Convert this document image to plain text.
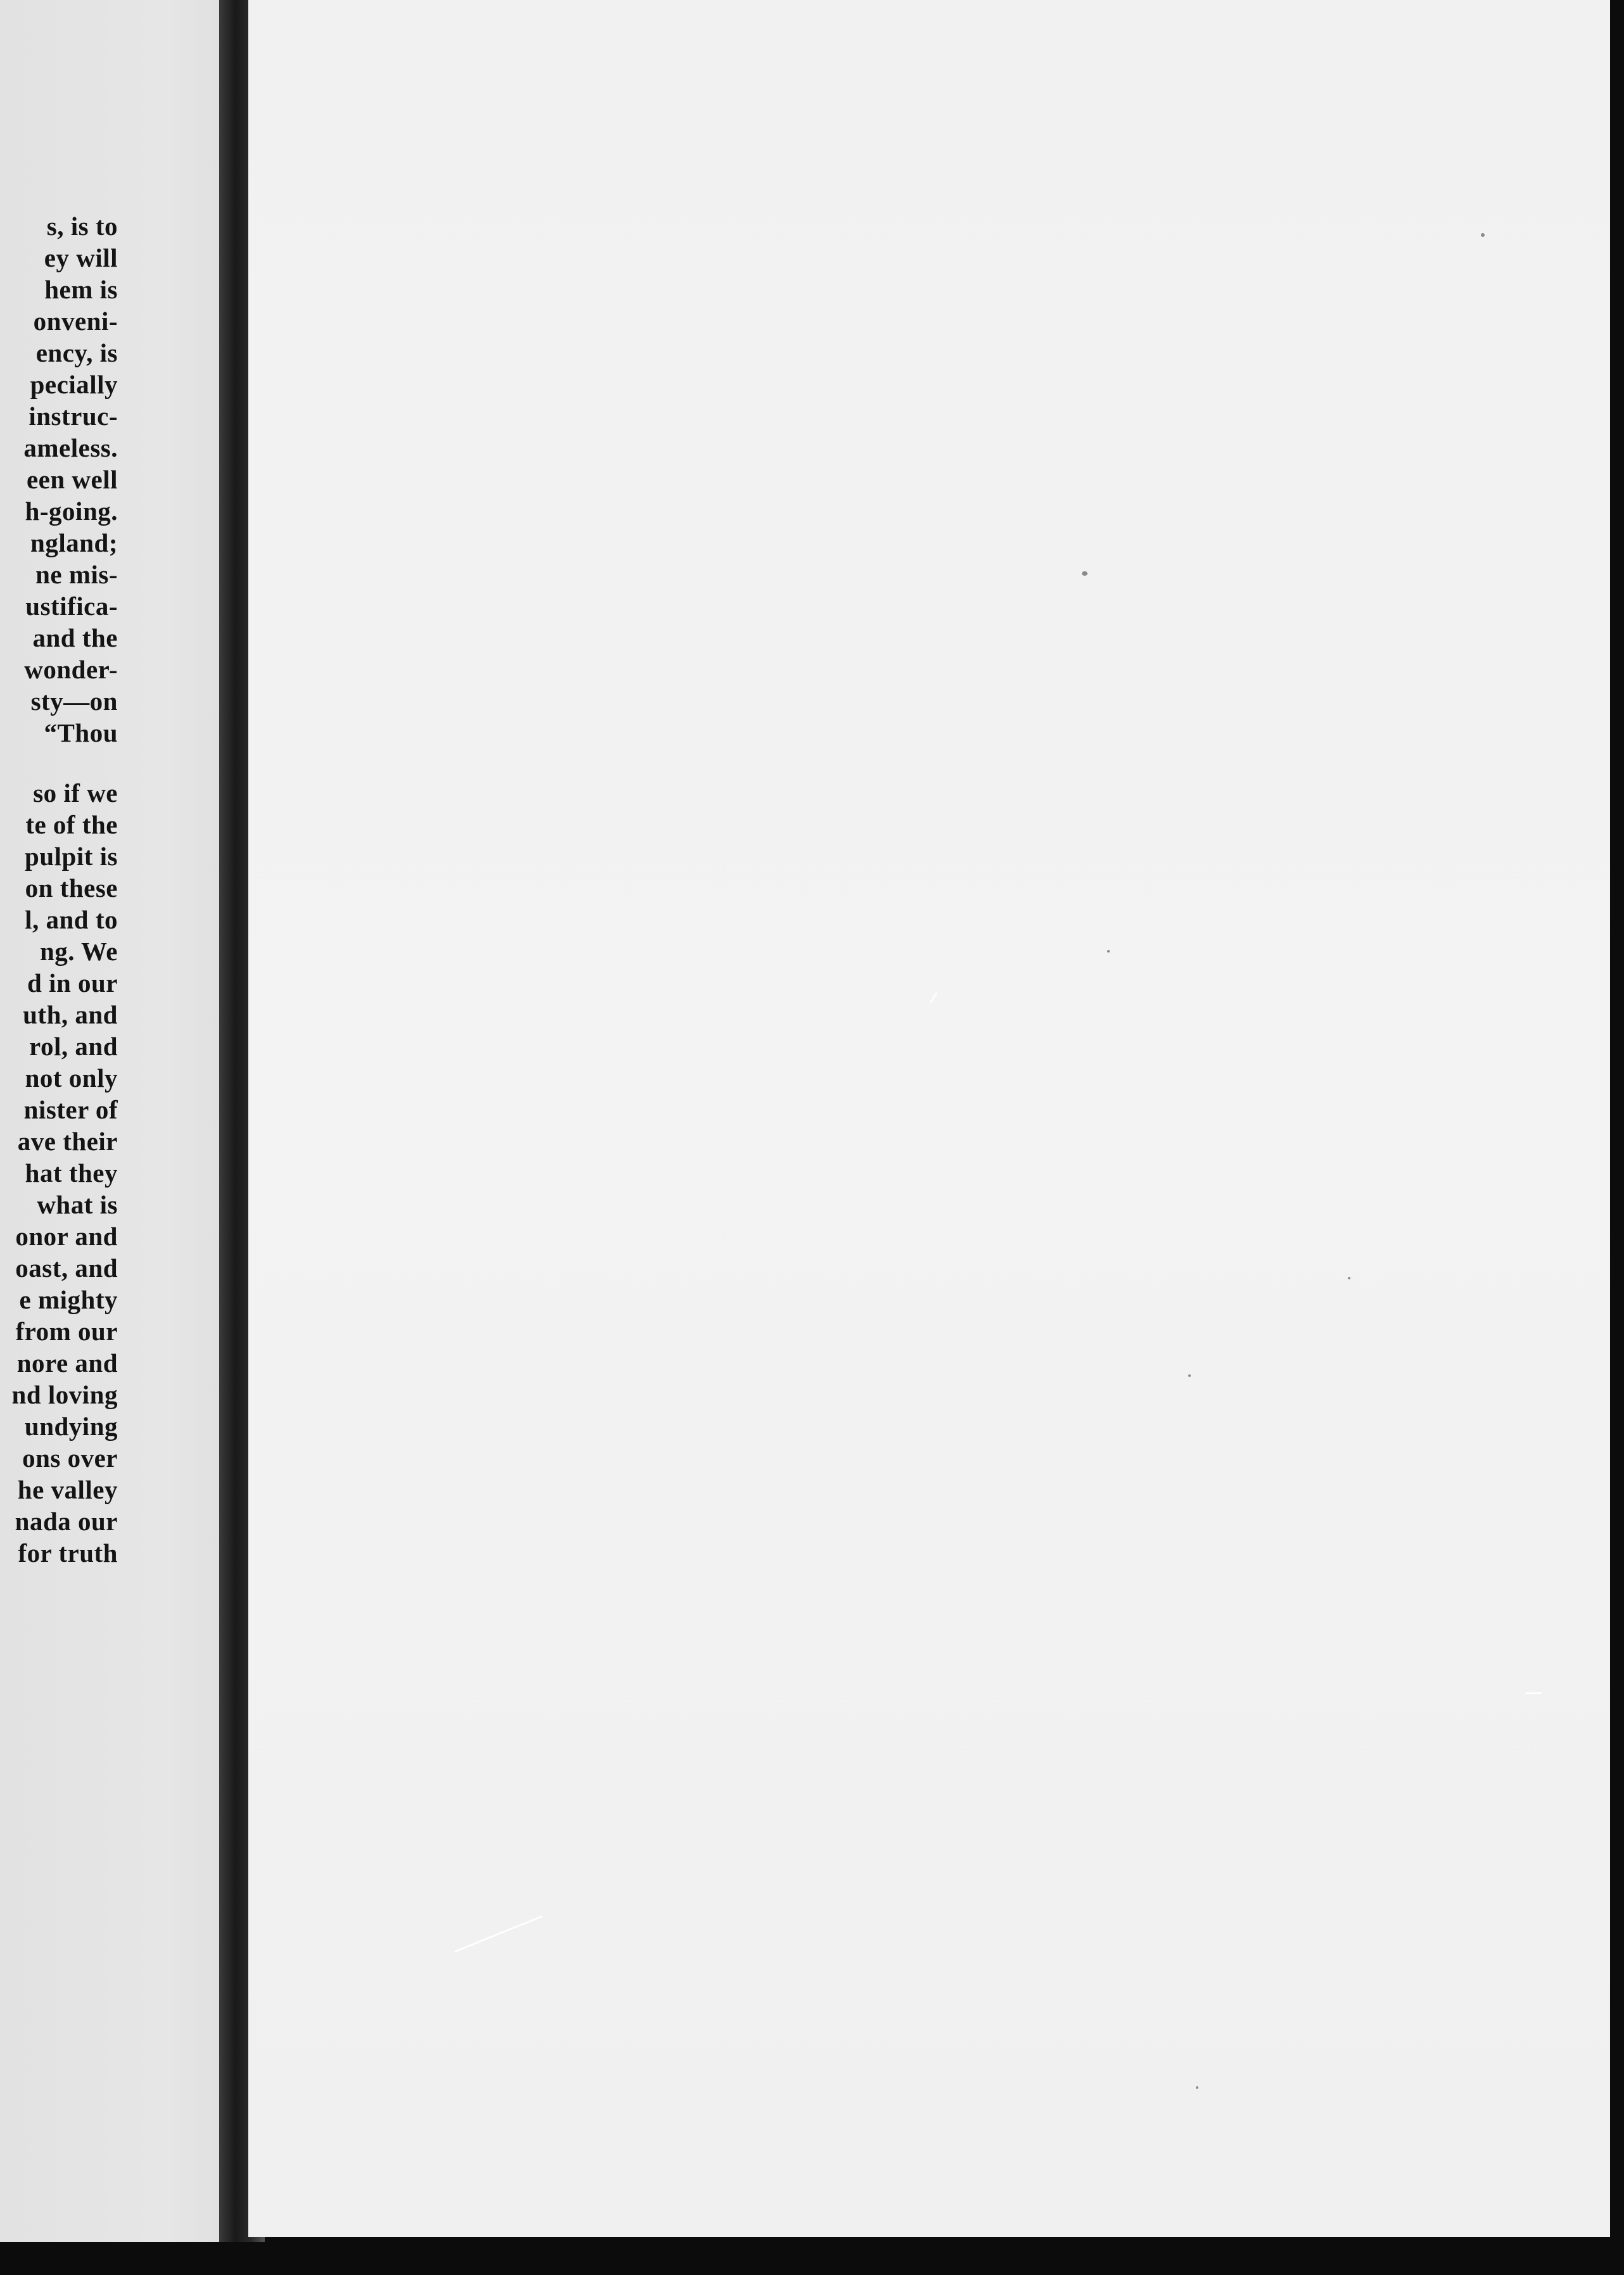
s, is to
ey will
hem is
onveni-
ency, is
pecially
instruc-
ameless.
een well
h-going.
ngland;
ne mis-
ustifica-
and the
wonder-
sty—on
“Thou
so if we
te of the
pulpit is
on these
l, and to
ng. We
d in our
uth, and
rol, and
not only
nister of
ave their
hat they
what is
onor and
oast, and
e mighty
from our
nore and
nd loving
undying
ons over
he valley
nada our
for truth
